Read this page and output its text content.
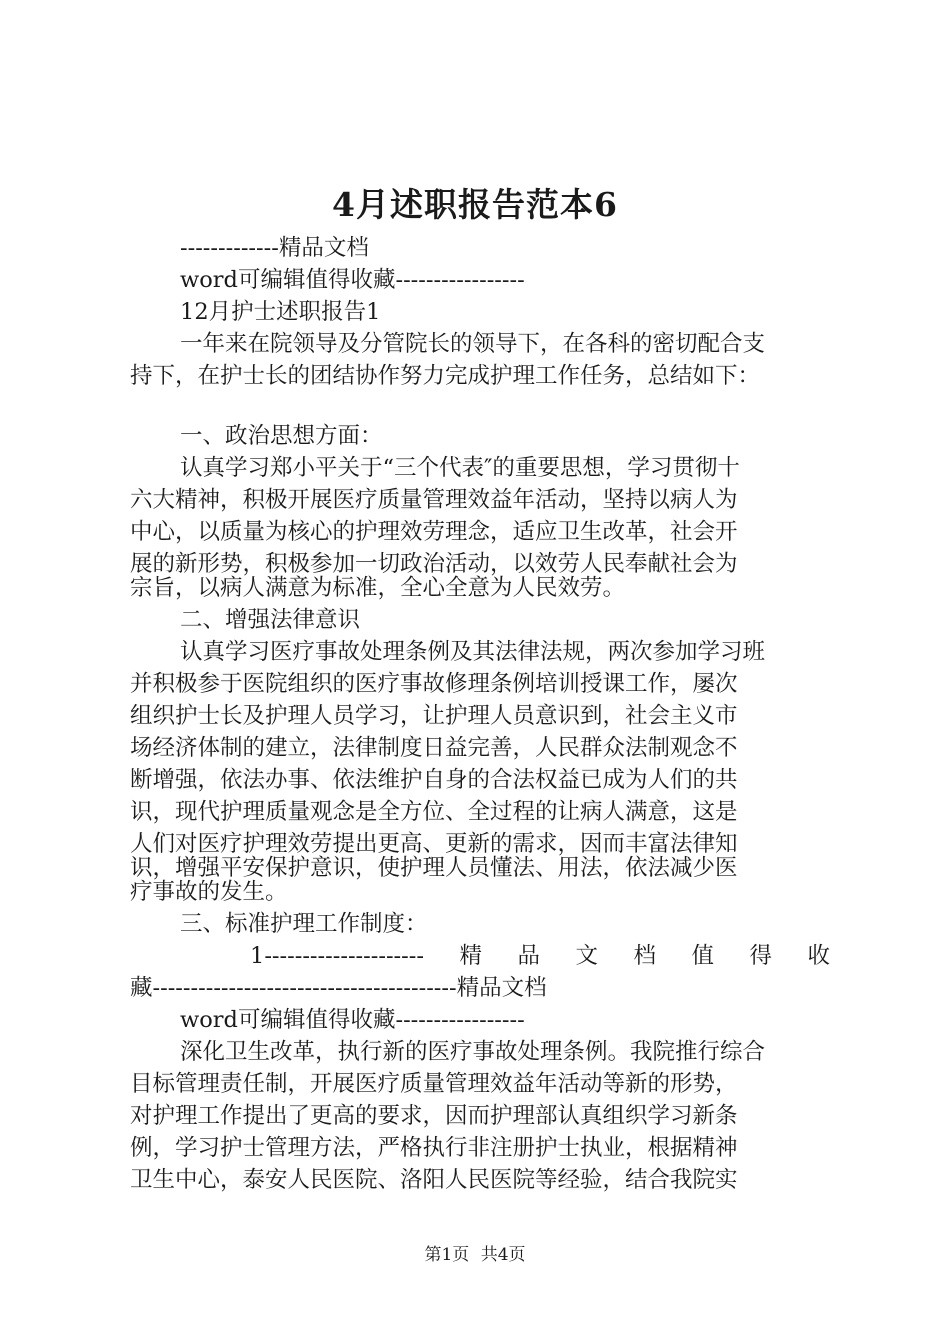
4月述职报告范本6
-------------精品文档
word可编辑值得收藏-----------------
12月护士述职报告1
一年来在院领导及分管院长的领导下，在各科的密切配合支
持下，在护士长的团结协作努力完成护理工作任务，总结如下：
一、政治思想方面：
认真学习郑小平关于“三个代表″的重要思想，学习贯彻十
六大精神，积极开展医疗质量管理效益年活动，坚持以病人为
中心，以质量为核心的护理效劳理念，适应卫生改革，社会开
展的新形势，积极参加一切政治活动，以效劳人民奉献社会为
宗旨，以病人满意为标准，全心全意为人民效劳。
二、增强法律意识
认真学习医疗事故处理条例及其法律法规，两次参加学习班
并积极参于医院组织的医疗事故修理条例培训授课工作，屡次
组织护士长及护理人员学习，让护理人员意识到，社会主义市
场经济体制的建立，法律制度日益完善，人民群众法制观念不
断增强，依法办事、依法维护自身的合法权益已成为人们的共
识，现代护理质量观念是全方位、全过程的让病人满意，这是
人们对医疗护理效劳提出更高、更新的需求，因而丰富法律知
识，增强平安保护意识，使护理人员懂法、用法，依法减少医
疗事故的发生。
三、标准护理工作制度：
1--------------------- 精 品 文 档 值 得 收
藏----------------------------------------精品文档
word可编辑值得收藏-----------------
深化卫生改革，执行新的医疗事故处理条例。我院推行综合
目标管理责任制，开展医疗质量管理效益年活动等新的形势，
对护理工作提出了更高的要求，因而护理部认真组织学习新条
例，学习护士管理方法，严格执行非注册护士执业，根据精神
卫生中心，泰安人民医院、洛阳人民医院等经验，结合我院实
第1页 共4页
